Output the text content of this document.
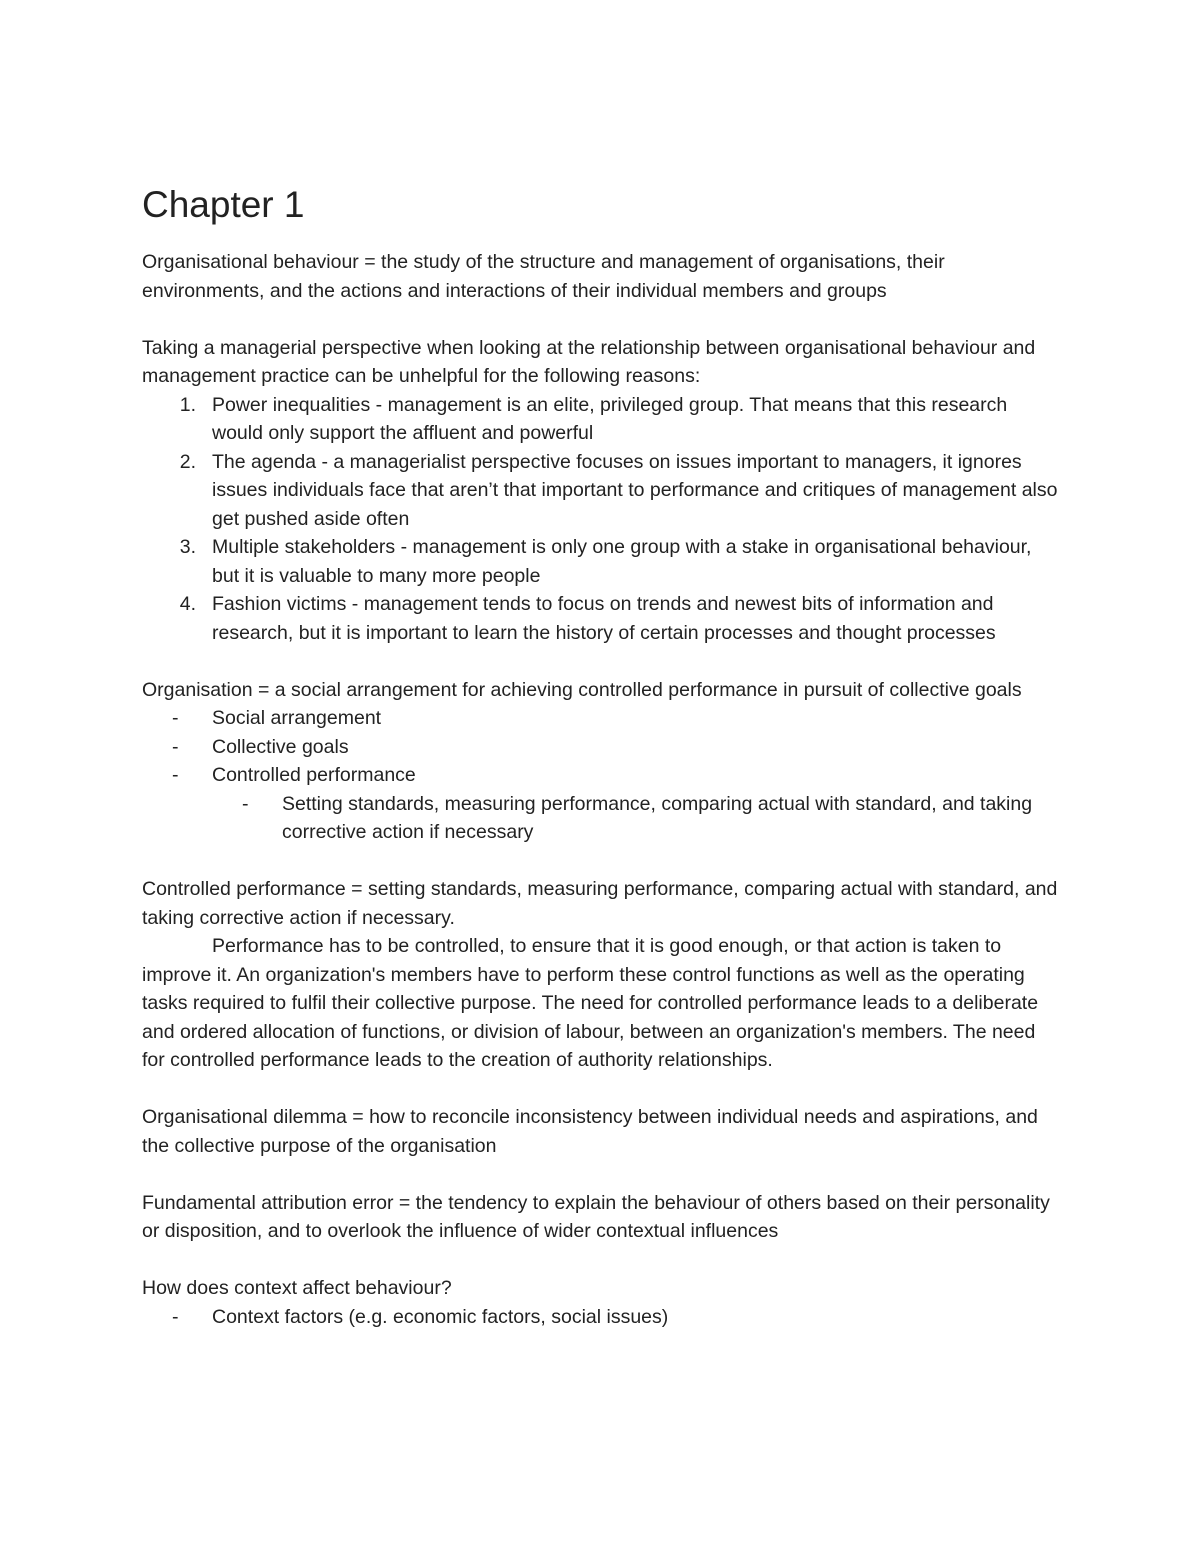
Chapter 1

Organisational behaviour = the study of the structure and management of organisations, their environments, and the actions and interactions of their individual members and groups

Taking a managerial perspective when looking at the relationship between organisational behaviour and management practice can be unhelpful for the following reasons:

1. Power inequalities - management is an elite, privileged group. That means that this research would only support the affluent and powerful
2. The agenda - a managerialist perspective focuses on issues important to managers, it ignores issues individuals face that aren’t that important to performance and critiques of management also get pushed aside often
3. Multiple stakeholders - management is only one group with a stake in organisational behaviour, but it is valuable to many more people
4. Fashion victims - management tends to focus on trends and newest bits of information and research, but it is important to learn the history of certain processes and thought processes

Organisation = a social arrangement for achieving controlled performance in pursuit of collective goals

-	Social arrangement
-	Collective goals
-	Controlled performance
-	Setting standards, measuring performance, comparing actual with standard, and taking corrective action if necessary

Controlled performance = setting standards, measuring performance, comparing actual with standard, and taking corrective action if necessary.

Performance has to be controlled, to ensure that it is good enough, or that action is taken to improve it. An organization's members have to perform these control functions as well as the operating tasks required to fulfil their collective purpose. The need for controlled performance leads to a deliberate and ordered allocation of functions, or division of labour, between an organization's members. The need for controlled performance leads to the creation of authority relationships.

Organisational dilemma = how to reconcile inconsistency between individual needs and aspirations, and the collective purpose of the organisation

Fundamental attribution error = the tendency to explain the behaviour of others based on their personality or disposition, and to overlook the influence of wider contextual influences

How does context affect behaviour?

-	Context factors (e.g. economic factors, social issues)
